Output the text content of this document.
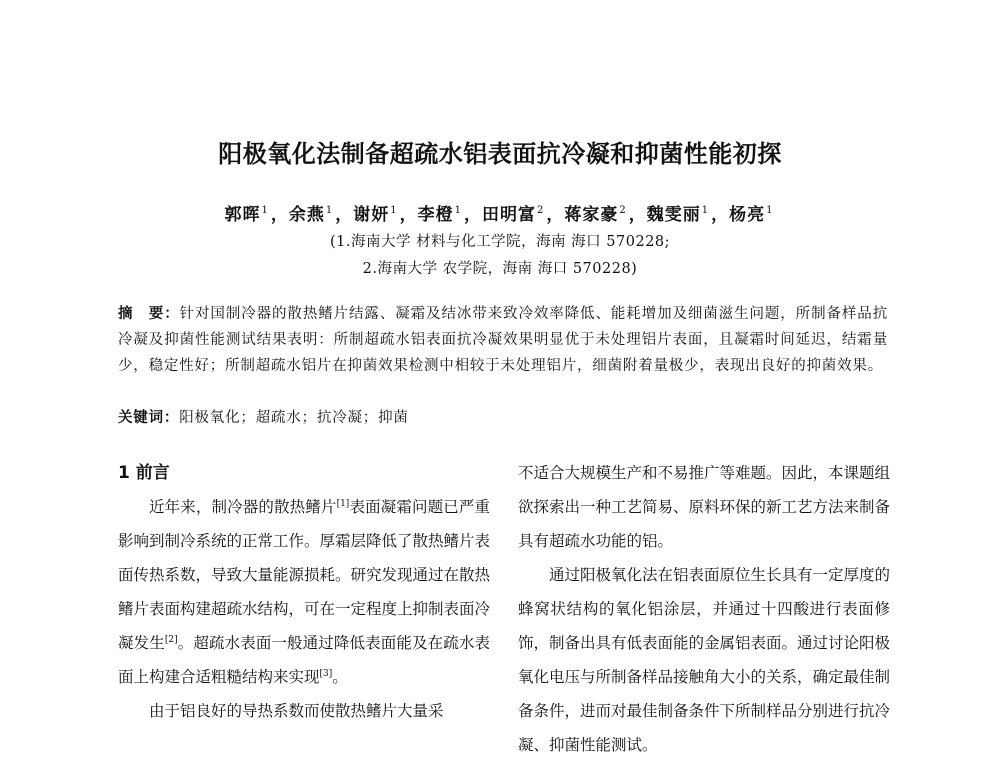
阳极氧化法制备超疏水铝表面抗冷凝和抑菌性能初探
郭晖$^1$ ，余燕$^1$ ，谢妍$^1$ ，李橙$^1$ ，田明富$^2$ ，蒋家豪$^2$ ，魏雯丽$^1$ ，杨亮$^1$
(1.海南大学 材料与化工学院，海南 海口 570228;
2.海南大学 农学院，海南 海口 570228)
摘　要：针对国制冷器的散热鳍片结露、凝霜及结冰带来致冷效率降低、能耗增加及细菌滋生问题，所制备样品抗冷凝及抑菌性能测试结果表明：所制超疏水铝表面抗冷凝效果明显优于未处理铝片表面，且凝霜时间延迟，结霜量少，稳定性好；所制超疏水铝片在抑菌效果检测中相较于未处理铝片，细菌附着量极少，表现出良好的抑菌效果。
关键词：阳极氧化；超疏水；抗冷凝；抑菌
1 前言

近年来，制冷器的散热鳍片[1]表面凝霜问题已严重影响到制冷系统的正常工作。厚霜层降低了散热鳍片表面传热系数，导致大量能源损耗。研究发现通过在散热鳍片表面构建超疏水结构，可在一定程度上抑制表面冷凝发生[2]。超疏水表面一般通过降低表面能及在疏水表面上构建合适粗糙结构来实现[3]。

由于铝良好的导热系数而使散热鳍片大量采

不适合大规模生产和不易推广等难题。因此，本课题组欲探索出一种工艺简易、原料环保的新工艺方法来制备具有超疏水功能的铝。

通过阳极氧化法在铝表面原位生长具有一定厚度的蜂窝状结构的氧化铝涂层，并通过十四酸进行表面修饰，制备出具有低表面能的金属铝表面。通过讨论阳极氧化电压与所制备样品接触角大小的关系，确定最佳制备条件，进而对最佳制备条件下所制样品分别进行抗冷凝、抑菌性能测试。
